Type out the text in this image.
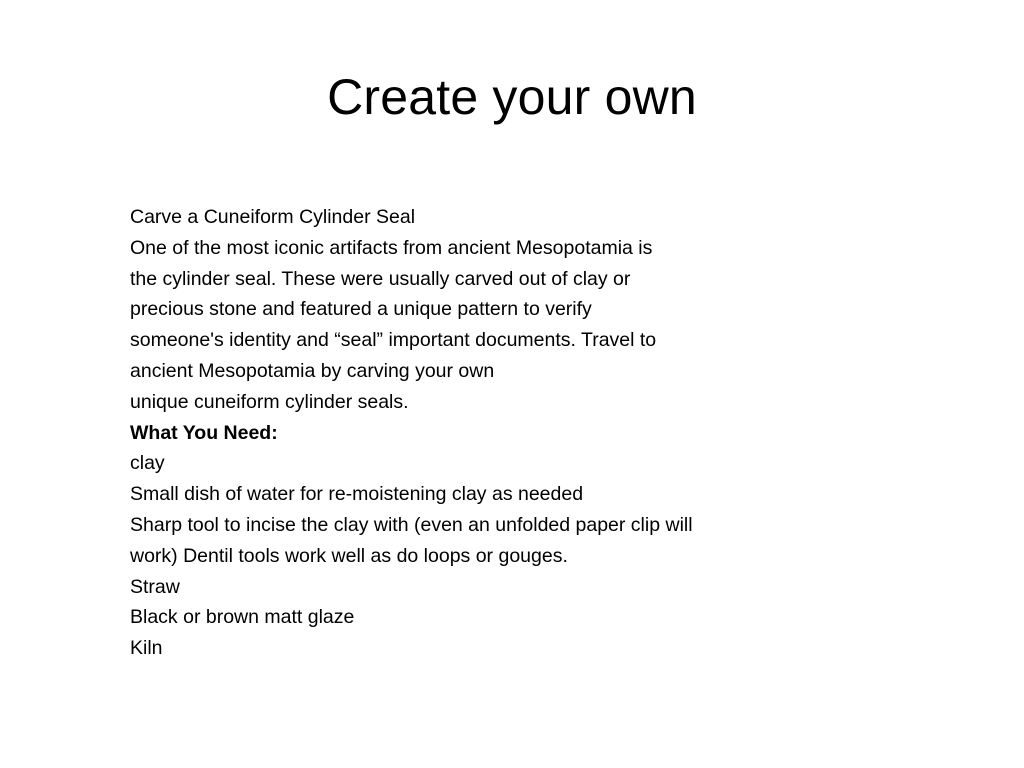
Create your own
Carve a Cuneiform Cylinder Seal
One of the most iconic artifacts from ancient Mesopotamia is
the cylinder seal. These were usually carved out of clay or
precious stone and featured a unique pattern to verify
someone's identity and “seal” important documents. Travel to
ancient Mesopotamia by carving your own
unique cuneiform cylinder seals.
What You Need:
clay
Small dish of water for re-moistening clay as needed
Sharp tool to incise the clay with (even an unfolded paper clip will
work) Dentil tools work well as do loops or gouges.
Straw
Black or brown matt glaze
Kiln
